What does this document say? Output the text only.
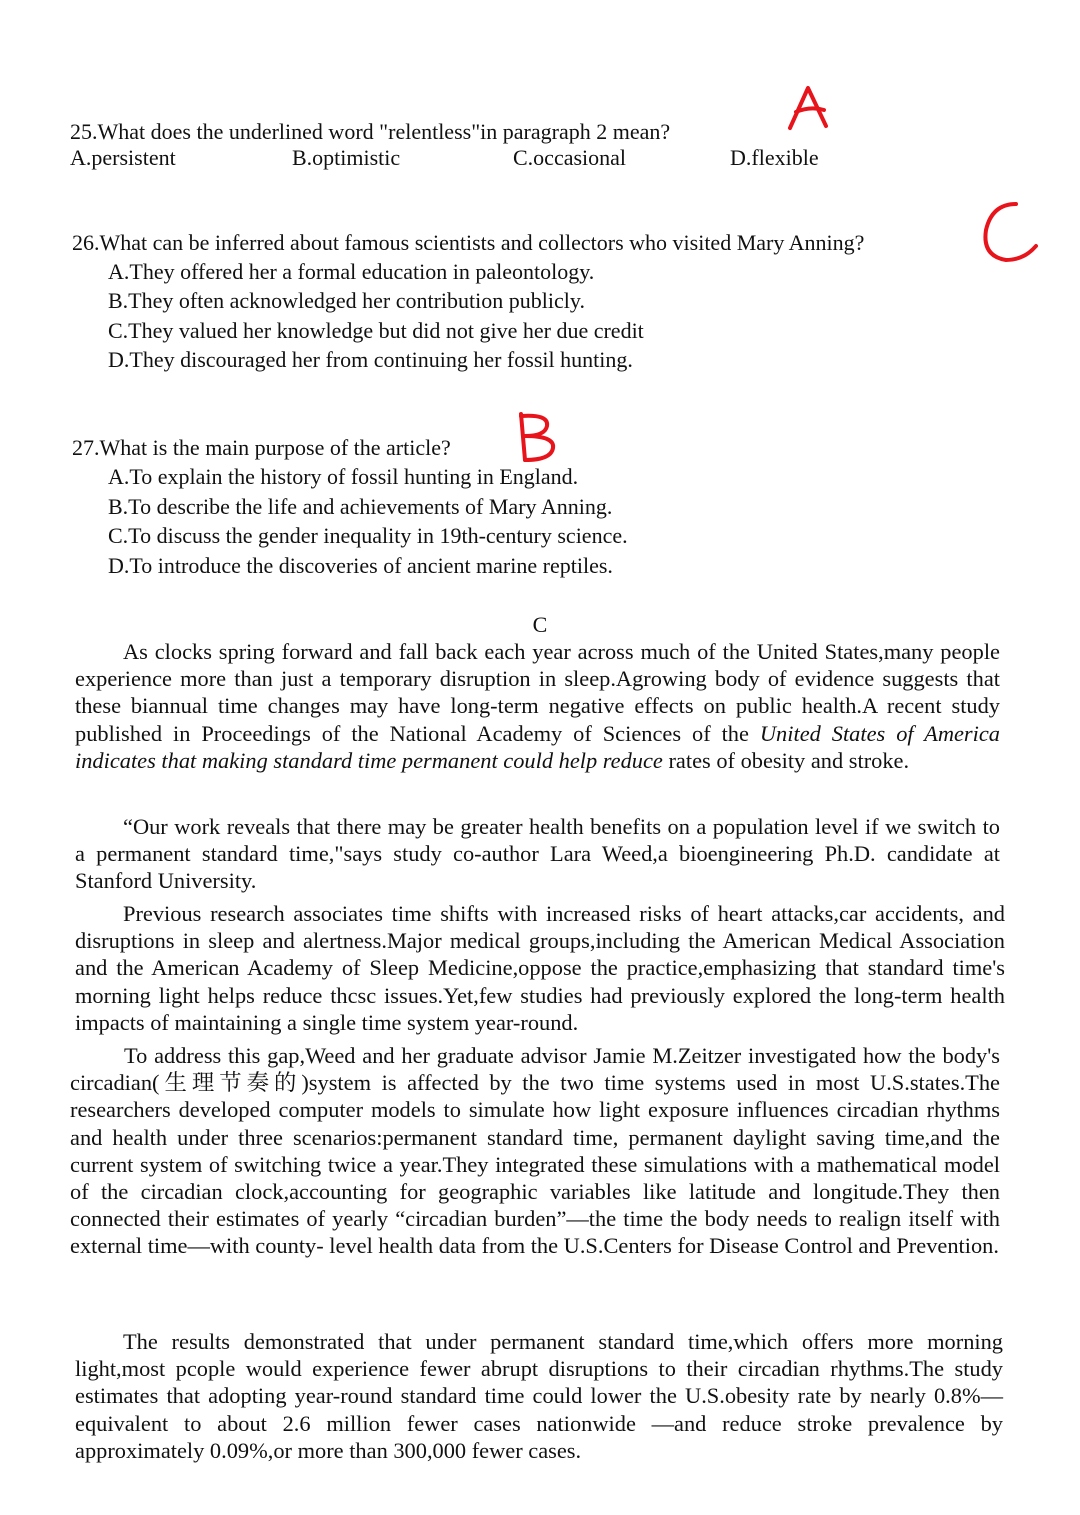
25.What does the underlined word "relentless"in paragraph 2 mean?
A.persistent	B.optimistic	C.occasional	D.flexible
26.What can be inferred about famous scientists and collectors who visited Mary Anning?
A.They offered her a formal education in paleontology.
B.They often acknowledged her contribution publicly.
C.They valued her knowledge but did not give her due credit
D.They discouraged her from continuing her fossil hunting.
27.What is the main purpose of the article?
A.To explain the history of fossil hunting in England.
B.To describe the life and achievements of Mary Anning.
C.To discuss the gender inequality in 19th-century science.
D.To introduce the discoveries of ancient marine reptiles.
C

As clocks spring forward and fall back each year across much of the United States,many people experience more than just a temporary disruption in sleep.Agrowing body of evidence suggests that these biannual time changes may have long-term negative effects on public health.A recent study published in Proceedings of the National Academy of Sciences of the United States of America indicates that making standard time permanent could help reduce rates of obesity and stroke.

“Our work reveals that there may be greater health benefits on a population level if we switch to a permanent standard time,"says study co-author Lara Weed,a bioengineering Ph.D. candidate at Stanford University.

Previous research associates time shifts with increased risks of heart attacks,car accidents, and disruptions in sleep and alertness.Major medical groups,including the American Medical Association and the American Academy of Sleep Medicine,oppose the practice,emphasizing that standard time's morning light helps reduce thcsc issues.Yet,few studies had previously explored the long-term health impacts of maintaining a single time system year-round.

To address this gap,Weed and her graduate advisor Jamie M.Zeitzer investigated how the body's circadian(生理节奏的)system is affected by the two time systems used in most U.S.states.The researchers developed computer models to simulate how light exposure influences circadian rhythms and health under three scenarios:permanent standard time, permanent daylight saving time,and the current system of switching twice a year.They integrated these simulations with a mathematical model of the circadian clock,accounting for geographic variables like latitude and longitude.They then connected their estimates of yearly “circadian burden”—the time the body needs to realign itself with external time—with county- level health data from the U.S.Centers for Disease Control and Prevention.

The results demonstrated that under permanent standard time,which offers more morning light,most pcople would experience fewer abrupt disruptions to their circadian rhythms.The study estimates that adopting year-round standard time could lower the U.S.obesity rate by nearly 0.8%—equivalent to about 2.6 million fewer cases nationwide —and reduce stroke prevalence by approximately 0.09%,or more than 300,000 fewer cases.
